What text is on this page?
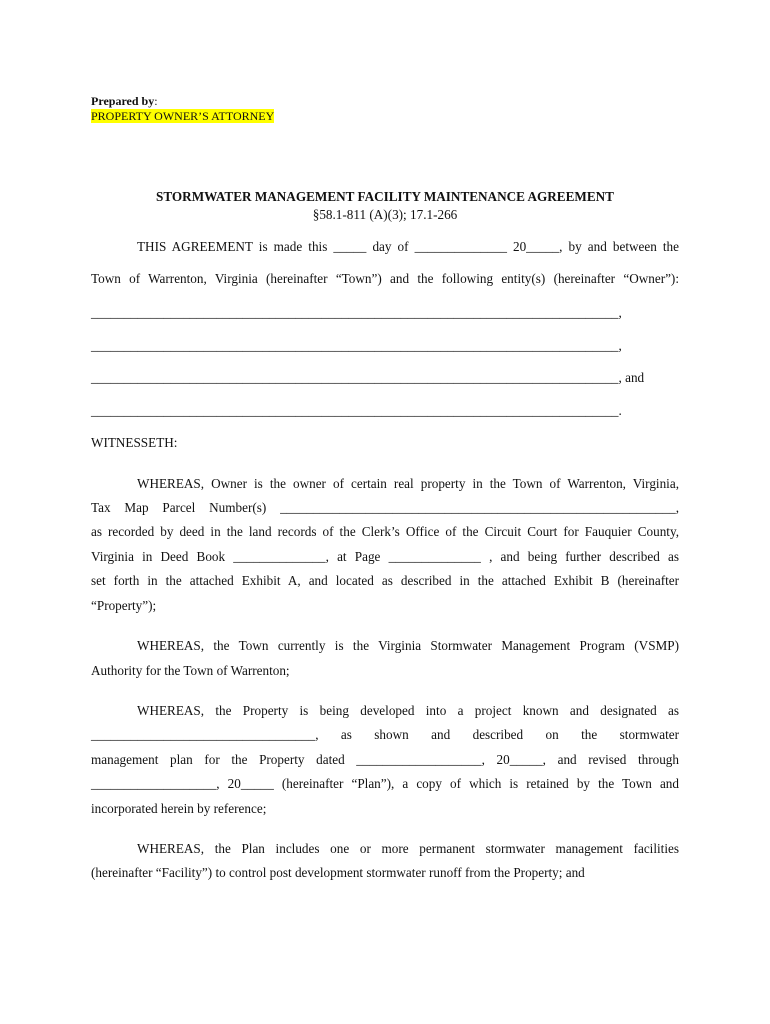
Prepared by:
PROPERTY OWNER’S ATTORNEY
STORMWATER MANAGEMENT FACILITY MAINTENANCE AGREEMENT
§58.1-811 (A)(3); 17.1-266
THIS AGREEMENT is made this _____ day of ______________ 20_____, by and between the
Town of Warrenton, Virginia (hereinafter “Town”) and the following entity(s) (hereinafter “Owner”):
________________________________________________________________________________,
________________________________________________________________________________,
________________________________________________________________________________, and
________________________________________________________________________________.
WITNESSETH:
WHEREAS, Owner is the owner of certain real property in the Town of Warrenton, Virginia,
Tax Map Parcel Number(s) ____________________________________________________________,
as recorded by deed in the land records of the Clerk’s Office of the Circuit Court for Fauquier County,
Virginia in Deed Book ______________, at Page ______________ , and being further described as
set forth in the attached Exhibit A, and located as described in the attached Exhibit B (hereinafter
“Property”);
WHEREAS, the Town currently is the Virginia Stormwater Management Program (VSMP)
Authority for the Town of Warrenton;
WHEREAS, the Property is being developed into a project known and designated as
__________________________________, as shown and described on the stormwater
management plan for the Property dated ___________________, 20_____, and revised through
___________________, 20_____ (hereinafter “Plan”), a copy of which is retained by the Town and
incorporated herein by reference;
WHEREAS, the Plan includes one or more permanent stormwater management facilities
(hereinafter “Facility”) to control post development stormwater runoff from the Property; and
